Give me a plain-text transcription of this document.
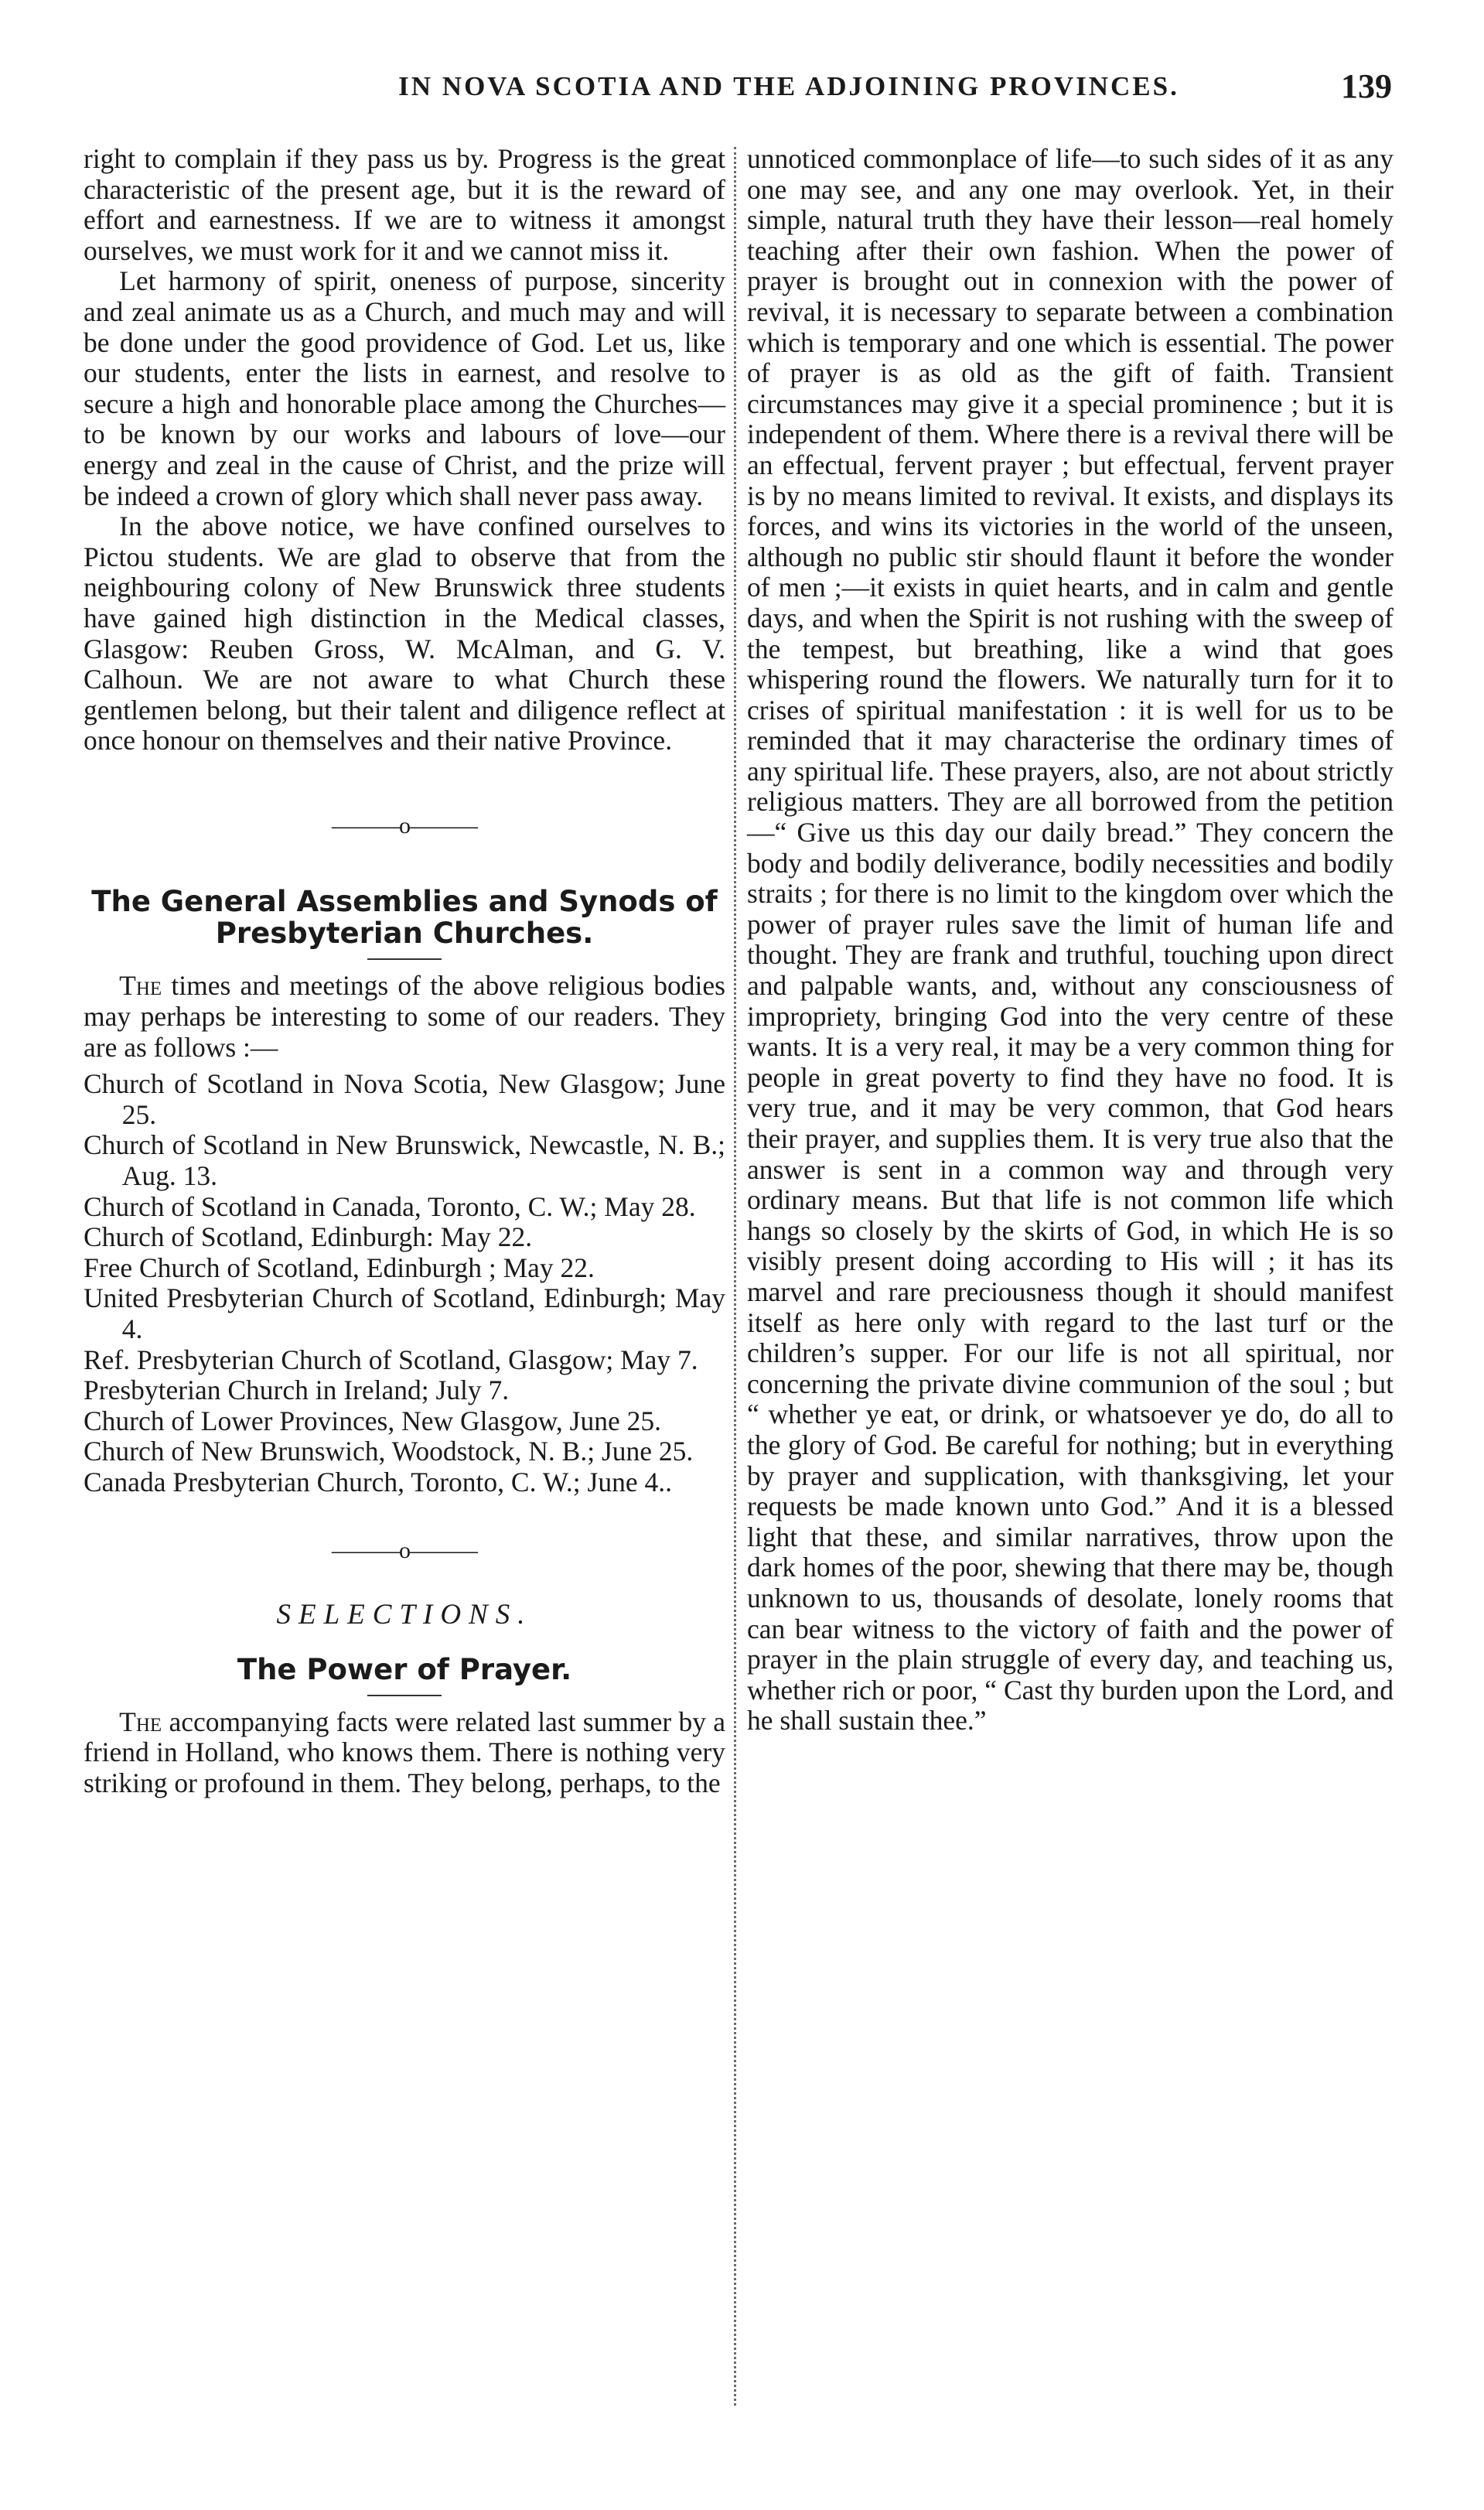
IN NOVA SCOTIA AND THE ADJOINING PROVINCES.	139

right to complain if they pass us by. Progress is the great characteristic of the present age, but it is the reward of effort and earnestness. If we are to witness it amongst ourselves, we must work for it and we cannot miss it.

Let harmony of spirit, oneness of purpose, sincerity and zeal animate us as a Church, and much may and will be done under the good providence of God. Let us, like our students, enter the lists in earnest, and resolve to secure a high and honorable place among the Churches—to be known by our works and labours of love—our energy and zeal in the cause of Christ, and the prize will be indeed a crown of glory which shall never pass away.

In the above notice, we have confined ourselves to Pictou students. We are glad to observe that from the neighbouring colony of New Brunswick three students have gained high distinction in the Medical classes, Glasgow: Reuben Gross, W. McAlman, and G. V. Calhoun. We are not aware to what Church these gentlemen belong, but their talent and diligence reflect at once honour on themselves and their native Province.

———o———
The General Assemblies and Synods of Presbyterian Churches.

The times and meetings of the above religious bodies may perhaps be interesting to some of our readers. They are as follows :—

Church of Scotland in Nova Scotia, New Glasgow; June 25.

Church of Scotland in New Brunswick, Newcastle, N. B.; Aug. 13.

Church of Scotland in Canada, Toronto, C. W.; May 28.

Church of Scotland, Edinburgh: May 22.

Free Church of Scotland, Edinburgh ; May 22.

United Presbyterian Church of Scotland, Edinburgh; May 4.

Ref. Presbyterian Church of Scotland, Glasgow; May 7.

Presbyterian Church in Ireland; July 7.

Church of Lower Provinces, New Glasgow, June 25.

Church of New Brunswich, Woodstock, N. B.; June 25.

Canada Presbyterian Church, Toronto, C. W.; June 4..

———o———
SELECTIONS.
The Power of Prayer.

The accompanying facts were related last summer by a friend in Holland, who knows them. There is nothing very striking or profound in them. They belong, perhaps, to the

unnoticed commonplace of life—to such sides of it as any one may see, and any one may overlook. Yet, in their simple, natural truth they have their lesson—real homely teaching after their own fashion. When the power of prayer is brought out in connexion with the power of revival, it is necessary to separate between a combination which is temporary and one which is essential. The power of prayer is as old as the gift of faith. Transient circumstances may give it a special prominence ; but it is independent of them. Where there is a revival there will be an effectual, fervent prayer ; but effectual, fervent prayer is by no means limited to revival. It exists, and displays its forces, and wins its victories in the world of the unseen, although no public stir should flaunt it before the wonder of men ;—it exists in quiet hearts, and in calm and gentle days, and when the Spirit is not rushing with the sweep of the tempest, but breathing, like a wind that goes whispering round the flowers. We naturally turn for it to crises of spiritual manifestation : it is well for us to be reminded that it may characterise the ordinary times of any spiritual life. These prayers, also, are not about strictly religious matters. They are all borrowed from the petition—“ Give us this day our daily bread.” They concern the body and bodily deliverance, bodily necessities and bodily straits ; for there is no limit to the kingdom over which the power of prayer rules save the limit of human life and thought. They are frank and truthful, touching upon direct and palpable wants, and, without any consciousness of impropriety, bringing God into the very centre of these wants. It is a very real, it may be a very common thing for people in great poverty to find they have no food. It is very true, and it may be very common, that God hears their prayer, and supplies them. It is very true also that the answer is sent in a common way and through very ordinary means. But that life is not common life which hangs so closely by the skirts of God, in which He is so visibly present doing according to His will ; it has its marvel and rare preciousness though it should manifest itself as here only with regard to the last turf or the children’s supper. For our life is not all spiritual, nor concerning the private divine communion of the soul ; but “ whether ye eat, or drink, or whatsoever ye do, do all to the glory of God. Be careful for nothing; but in everything by prayer and supplication, with thanksgiving, let your requests be made known unto God.” And it is a blessed light that these, and similar narratives, throw upon the dark homes of the poor, shewing that there may be, though unknown to us, thousands of desolate, lonely rooms that can bear witness to the victory of faith and the power of prayer in the plain struggle of every day, and teaching us, whether rich or poor, “ Cast thy burden upon the Lord, and he shall sustain thee.”
